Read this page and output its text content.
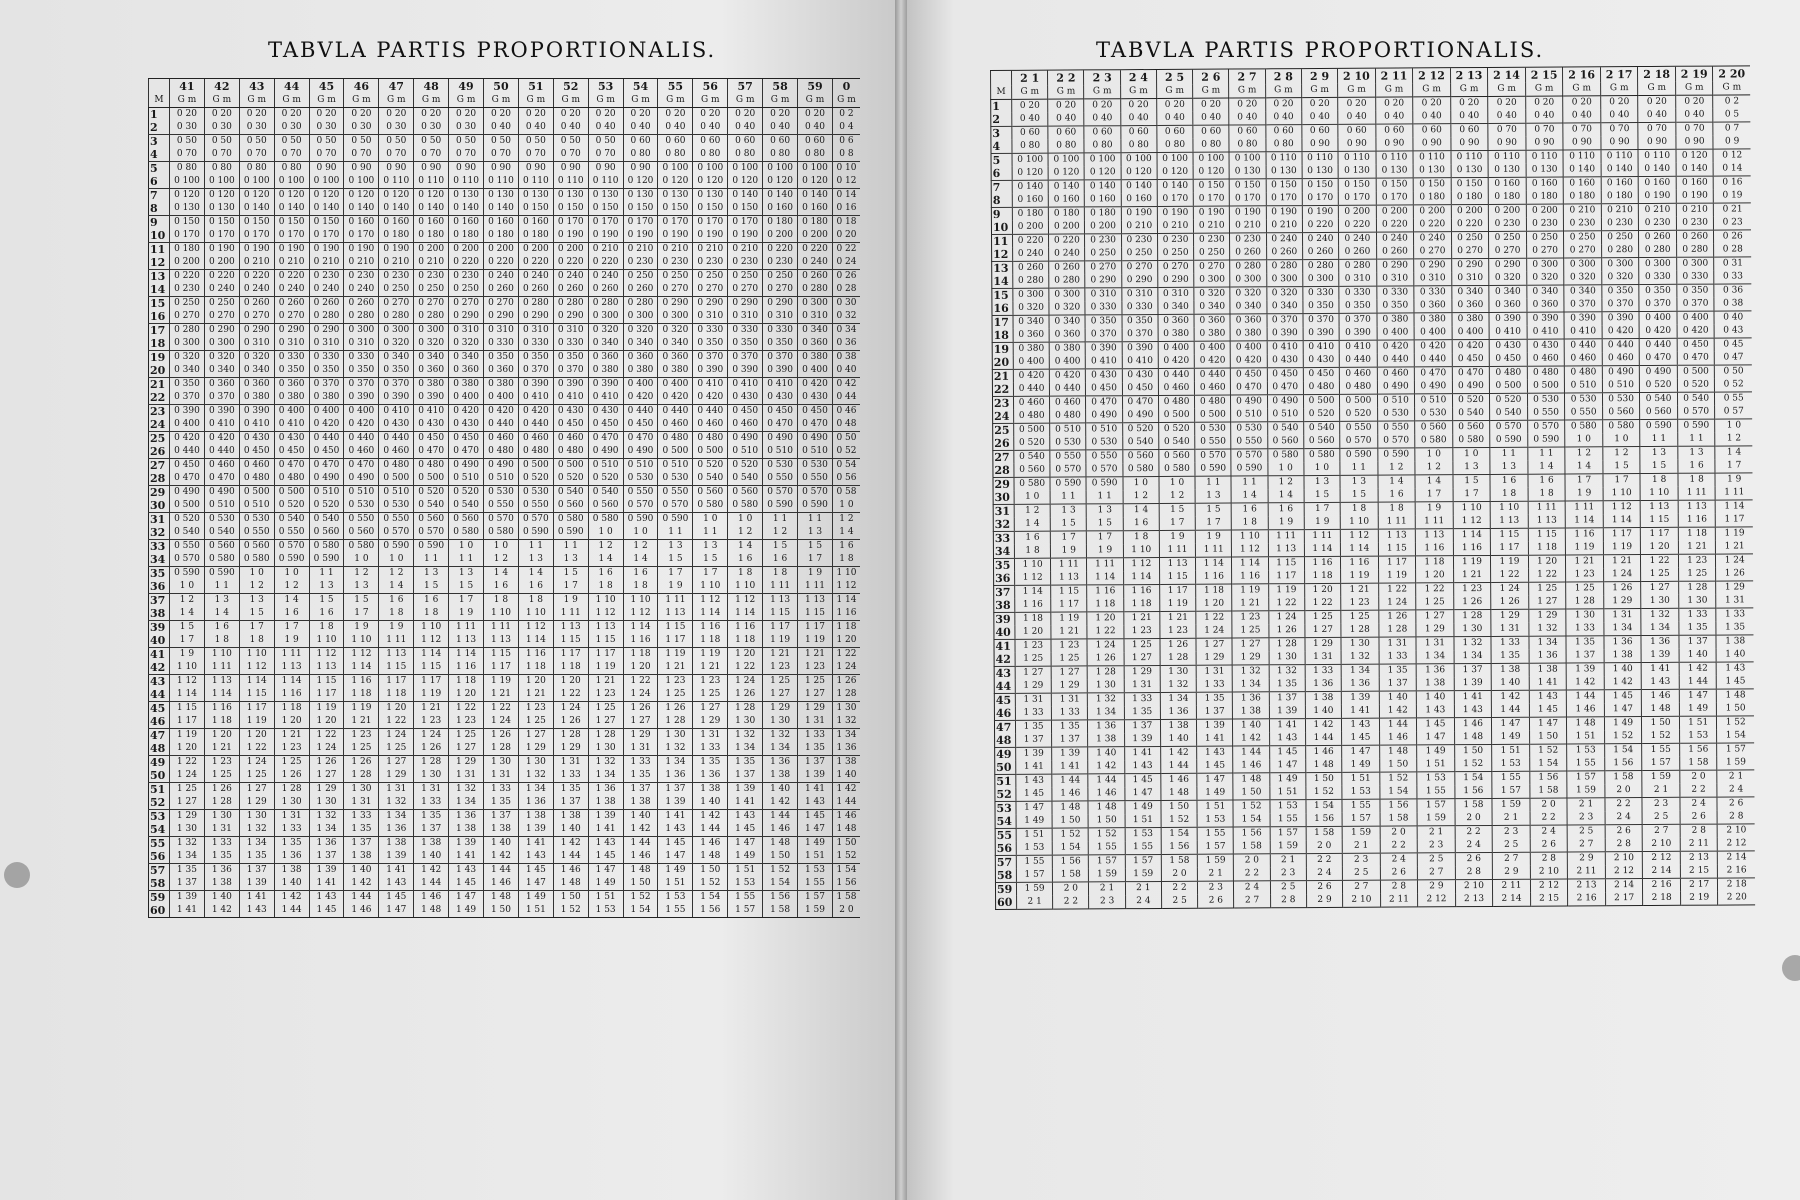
TABVLA PARTIS PROPORTIONALIS.
	41	42	43	44	45	46	47	48	49	50	51	52	53	54	55	56	57	58	59	0
M	G m	G m	G m	G m	G m	G m	G m	G m	G m	G m	G m	G m	G m	G m	G m	G m	G m	G m	G m	G m
1	0 20	0 20	0 20	0 20	0 20	0 20	0 20	0 20	0 20	0 20	0 20	0 20	0 20	0 20	0 20	0 20	0 20	0 20	0 20	0 2
2	0 30	0 30	0 30	0 30	0 30	0 30	0 30	0 30	0 30	0 40	0 40	0 40	0 40	0 40	0 40	0 40	0 40	0 40	0 40	0 4
3	0 50	0 50	0 50	0 50	0 50	0 50	0 50	0 50	0 50	0 50	0 50	0 50	0 50	0 60	0 60	0 60	0 60	0 60	0 60	0 6
4	0 70	0 70	0 70	0 70	0 70	0 70	0 70	0 70	0 70	0 70	0 70	0 70	0 70	0 80	0 80	0 80	0 80	0 80	0 80	0 8
5	0 80	0 80	0 80	0 80	0 90	0 90	0 90	0 90	0 90	0 90	0 90	0 90	0 90	0 90	0 100	0 100	0 100	0 100	0 100	0 10
6	0 100	0 100	0 100	0 100	0 100	0 100	0 110	0 110	0 110	0 110	0 110	0 110	0 110	0 120	0 120	0 120	0 120	0 120	0 120	0 12
7	0 120	0 120	0 120	0 120	0 120	0 120	0 120	0 120	0 130	0 130	0 130	0 130	0 130	0 130	0 130	0 130	0 140	0 140	0 140	0 14
8	0 130	0 130	0 140	0 140	0 140	0 140	0 140	0 140	0 140	0 140	0 150	0 150	0 150	0 150	0 150	0 150	0 150	0 160	0 160	0 16
9	0 150	0 150	0 150	0 150	0 150	0 160	0 160	0 160	0 160	0 160	0 160	0 170	0 170	0 170	0 170	0 170	0 170	0 180	0 180	0 18
10	0 170	0 170	0 170	0 170	0 170	0 170	0 180	0 180	0 180	0 180	0 180	0 190	0 190	0 190	0 190	0 190	0 190	0 200	0 200	0 20
11	0 180	0 190	0 190	0 190	0 190	0 190	0 190	0 200	0 200	0 200	0 200	0 200	0 210	0 210	0 210	0 210	0 210	0 220	0 220	0 22
12	0 200	0 200	0 210	0 210	0 210	0 210	0 210	0 210	0 220	0 220	0 220	0 220	0 220	0 230	0 230	0 230	0 230	0 230	0 240	0 24
13	0 220	0 220	0 220	0 220	0 230	0 230	0 230	0 230	0 230	0 240	0 240	0 240	0 240	0 250	0 250	0 250	0 250	0 250	0 260	0 26
14	0 230	0 240	0 240	0 240	0 240	0 240	0 250	0 250	0 250	0 260	0 260	0 260	0 260	0 260	0 270	0 270	0 270	0 270	0 280	0 28
15	0 250	0 250	0 260	0 260	0 260	0 260	0 270	0 270	0 270	0 270	0 280	0 280	0 280	0 280	0 290	0 290	0 290	0 290	0 300	0 30
16	0 270	0 270	0 270	0 270	0 280	0 280	0 280	0 280	0 290	0 290	0 290	0 290	0 300	0 300	0 300	0 310	0 310	0 310	0 310	0 32
17	0 280	0 290	0 290	0 290	0 290	0 300	0 300	0 300	0 310	0 310	0 310	0 310	0 320	0 320	0 320	0 330	0 330	0 330	0 340	0 34
18	0 300	0 300	0 310	0 310	0 310	0 310	0 320	0 320	0 320	0 330	0 330	0 330	0 340	0 340	0 340	0 350	0 350	0 350	0 360	0 36
19	0 320	0 320	0 320	0 330	0 330	0 330	0 340	0 340	0 340	0 350	0 350	0 350	0 360	0 360	0 360	0 370	0 370	0 370	0 380	0 38
20	0 340	0 340	0 340	0 350	0 350	0 350	0 350	0 360	0 360	0 360	0 370	0 370	0 380	0 380	0 380	0 390	0 390	0 390	0 400	0 40
21	0 350	0 360	0 360	0 360	0 370	0 370	0 370	0 380	0 380	0 380	0 390	0 390	0 390	0 400	0 400	0 410	0 410	0 410	0 420	0 42
22	0 370	0 370	0 380	0 380	0 380	0 390	0 390	0 390	0 400	0 400	0 410	0 410	0 410	0 420	0 420	0 420	0 430	0 430	0 430	0 44
23	0 390	0 390	0 390	0 400	0 400	0 400	0 410	0 410	0 420	0 420	0 420	0 430	0 430	0 440	0 440	0 440	0 450	0 450	0 450	0 46
24	0 400	0 410	0 410	0 410	0 420	0 420	0 430	0 430	0 430	0 440	0 440	0 450	0 450	0 450	0 460	0 460	0 460	0 470	0 470	0 48
25	0 420	0 420	0 430	0 430	0 440	0 440	0 440	0 450	0 450	0 460	0 460	0 460	0 470	0 470	0 480	0 480	0 490	0 490	0 490	0 50
26	0 440	0 440	0 450	0 450	0 450	0 460	0 460	0 470	0 470	0 480	0 480	0 480	0 490	0 490	0 500	0 500	0 510	0 510	0 510	0 52
27	0 450	0 460	0 460	0 470	0 470	0 470	0 480	0 480	0 490	0 490	0 500	0 500	0 510	0 510	0 510	0 520	0 520	0 530	0 530	0 54
28	0 470	0 470	0 480	0 480	0 490	0 490	0 500	0 500	0 510	0 510	0 520	0 520	0 520	0 530	0 530	0 540	0 540	0 550	0 550	0 56
29	0 490	0 490	0 500	0 500	0 510	0 510	0 510	0 520	0 520	0 530	0 530	0 540	0 540	0 550	0 550	0 560	0 560	0 570	0 570	0 58
30	0 500	0 510	0 510	0 520	0 520	0 530	0 530	0 540	0 540	0 550	0 550	0 560	0 560	0 570	0 570	0 580	0 580	0 590	0 590	1 0
31	0 520	0 530	0 530	0 540	0 540	0 550	0 550	0 560	0 560	0 570	0 570	0 580	0 580	0 590	0 590	1 0	1 0	1 1	1 1	1 2
32	0 540	0 540	0 550	0 550	0 560	0 560	0 570	0 570	0 580	0 580	0 590	0 590	1 0	1 0	1 1	1 1	1 2	1 2	1 3	1 4
33	0 550	0 560	0 560	0 570	0 580	0 580	0 590	0 590	1 0	1 0	1 1	1 1	1 2	1 2	1 3	1 3	1 4	1 5	1 5	1 6
34	0 570	0 580	0 580	0 590	0 590	1 0	1 0	1 1	1 1	1 2	1 3	1 3	1 4	1 4	1 5	1 5	1 6	1 6	1 7	1 8
35	0 590	0 590	1 0	1 0	1 1	1 2	1 2	1 3	1 3	1 4	1 4	1 5	1 6	1 6	1 7	1 7	1 8	1 8	1 9	1 10
36	1 0	1 1	1 2	1 2	1 3	1 3	1 4	1 5	1 5	1 6	1 6	1 7	1 8	1 8	1 9	1 10	1 10	1 11	1 11	1 12
37	1 2	1 3	1 3	1 4	1 5	1 5	1 6	1 6	1 7	1 8	1 8	1 9	1 10	1 10	1 11	1 12	1 12	1 13	1 13	1 14
38	1 4	1 4	1 5	1 6	1 6	1 7	1 8	1 8	1 9	1 10	1 10	1 11	1 12	1 12	1 13	1 14	1 14	1 15	1 15	1 16
39	1 5	1 6	1 7	1 7	1 8	1 9	1 9	1 10	1 11	1 11	1 12	1 13	1 13	1 14	1 15	1 16	1 16	1 17	1 17	1 18
40	1 7	1 8	1 8	1 9	1 10	1 10	1 11	1 12	1 13	1 13	1 14	1 15	1 15	1 16	1 17	1 18	1 18	1 19	1 19	1 20
41	1 9	1 10	1 10	1 11	1 12	1 12	1 13	1 14	1 14	1 15	1 16	1 17	1 17	1 18	1 19	1 19	1 20	1 21	1 21	1 22
42	1 10	1 11	1 12	1 13	1 13	1 14	1 15	1 15	1 16	1 17	1 18	1 18	1 19	1 20	1 21	1 21	1 22	1 23	1 23	1 24
43	1 12	1 13	1 14	1 14	1 15	1 16	1 17	1 17	1 18	1 19	1 20	1 20	1 21	1 22	1 23	1 23	1 24	1 25	1 25	1 26
44	1 14	1 14	1 15	1 16	1 17	1 18	1 18	1 19	1 20	1 21	1 21	1 22	1 23	1 24	1 25	1 25	1 26	1 27	1 27	1 28
45	1 15	1 16	1 17	1 18	1 19	1 19	1 20	1 21	1 22	1 22	1 23	1 24	1 25	1 26	1 26	1 27	1 28	1 29	1 29	1 30
46	1 17	1 18	1 19	1 20	1 20	1 21	1 22	1 23	1 23	1 24	1 25	1 26	1 27	1 27	1 28	1 29	1 30	1 30	1 31	1 32
47	1 19	1 20	1 20	1 21	1 22	1 23	1 24	1 24	1 25	1 26	1 27	1 28	1 28	1 29	1 30	1 31	1 32	1 32	1 33	1 34
48	1 20	1 21	1 22	1 23	1 24	1 25	1 25	1 26	1 27	1 28	1 29	1 29	1 30	1 31	1 32	1 33	1 34	1 34	1 35	1 36
49	1 22	1 23	1 24	1 25	1 26	1 26	1 27	1 28	1 29	1 30	1 30	1 31	1 32	1 33	1 34	1 35	1 35	1 36	1 37	1 38
50	1 24	1 25	1 25	1 26	1 27	1 28	1 29	1 30	1 31	1 31	1 32	1 33	1 34	1 35	1 36	1 36	1 37	1 38	1 39	1 40
51	1 25	1 26	1 27	1 28	1 29	1 30	1 31	1 31	1 32	1 33	1 34	1 35	1 36	1 37	1 37	1 38	1 39	1 40	1 41	1 42
52	1 27	1 28	1 29	1 30	1 30	1 31	1 32	1 33	1 34	1 35	1 36	1 37	1 38	1 38	1 39	1 40	1 41	1 42	1 43	1 44
53	1 29	1 30	1 30	1 31	1 32	1 33	1 34	1 35	1 36	1 37	1 38	1 38	1 39	1 40	1 41	1 42	1 43	1 44	1 45	1 46
54	1 30	1 31	1 32	1 33	1 34	1 35	1 36	1 37	1 38	1 38	1 39	1 40	1 41	1 42	1 43	1 44	1 45	1 46	1 47	1 48
55	1 32	1 33	1 34	1 35	1 36	1 37	1 38	1 38	1 39	1 40	1 41	1 42	1 43	1 44	1 45	1 46	1 47	1 48	1 49	1 50
56	1 34	1 35	1 35	1 36	1 37	1 38	1 39	1 40	1 41	1 42	1 43	1 44	1 45	1 46	1 47	1 48	1 49	1 50	1 51	1 52
57	1 35	1 36	1 37	1 38	1 39	1 40	1 41	1 42	1 43	1 44	1 45	1 46	1 47	1 48	1 49	1 50	1 51	1 52	1 53	1 54
58	1 37	1 38	1 39	1 40	1 41	1 42	1 43	1 44	1 45	1 46	1 47	1 48	1 49	1 50	1 51	1 52	1 53	1 54	1 55	1 56
59	1 39	1 40	1 41	1 42	1 43	1 44	1 45	1 46	1 47	1 48	1 49	1 50	1 51	1 52	1 53	1 54	1 55	1 56	1 57	1 58
60	1 41	1 42	1 43	1 44	1 45	1 46	1 47	1 48	1 49	1 50	1 51	1 52	1 53	1 54	1 55	1 56	1 57	1 58	1 59	2 0
TABVLA PARTIS PROPORTIONALIS.
	2 1	2 2	2 3	2 4	2 5	2 6	2 7	2 8	2 9	2 10	2 11	2 12	2 13	2 14	2 15	2 16	2 17	2 18	2 19	2 20
M	G m	G m	G m	G m	G m	G m	G m	G m	G m	G m	G m	G m	G m	G m	G m	G m	G m	G m	G m	G m
1	0 20	0 20	0 20	0 20	0 20	0 20	0 20	0 20	0 20	0 20	0 20	0 20	0 20	0 20	0 20	0 20	0 20	0 20	0 20	0 2
2	0 40	0 40	0 40	0 40	0 40	0 40	0 40	0 40	0 40	0 40	0 40	0 40	0 40	0 40	0 40	0 40	0 40	0 40	0 40	0 5
3	0 60	0 60	0 60	0 60	0 60	0 60	0 60	0 60	0 60	0 60	0 60	0 60	0 60	0 70	0 70	0 70	0 70	0 70	0 70	0 7
4	0 80	0 80	0 80	0 80	0 80	0 80	0 80	0 80	0 90	0 90	0 90	0 90	0 90	0 90	0 90	0 90	0 90	0 90	0 90	0 9
5	0 100	0 100	0 100	0 100	0 100	0 100	0 100	0 110	0 110	0 110	0 110	0 110	0 110	0 110	0 110	0 110	0 110	0 110	0 120	0 12
6	0 120	0 120	0 120	0 120	0 120	0 120	0 130	0 130	0 130	0 130	0 130	0 130	0 130	0 130	0 130	0 140	0 140	0 140	0 140	0 14
7	0 140	0 140	0 140	0 140	0 140	0 150	0 150	0 150	0 150	0 150	0 150	0 150	0 150	0 160	0 160	0 160	0 160	0 160	0 160	0 16
8	0 160	0 160	0 160	0 160	0 170	0 170	0 170	0 170	0 170	0 170	0 170	0 180	0 180	0 180	0 180	0 180	0 180	0 190	0 190	0 19
9	0 180	0 180	0 180	0 190	0 190	0 190	0 190	0 190	0 190	0 200	0 200	0 200	0 200	0 200	0 200	0 210	0 210	0 210	0 210	0 21
10	0 200	0 200	0 200	0 210	0 210	0 210	0 210	0 210	0 220	0 220	0 220	0 220	0 220	0 230	0 230	0 230	0 230	0 230	0 230	0 23
11	0 220	0 220	0 230	0 230	0 230	0 230	0 230	0 240	0 240	0 240	0 240	0 240	0 250	0 250	0 250	0 250	0 250	0 260	0 260	0 26
12	0 240	0 240	0 250	0 250	0 250	0 250	0 260	0 260	0 260	0 260	0 260	0 270	0 270	0 270	0 270	0 270	0 280	0 280	0 280	0 28
13	0 260	0 260	0 270	0 270	0 270	0 270	0 280	0 280	0 280	0 280	0 290	0 290	0 290	0 290	0 300	0 300	0 300	0 300	0 300	0 31
14	0 280	0 280	0 290	0 290	0 290	0 300	0 300	0 300	0 300	0 310	0 310	0 310	0 310	0 320	0 320	0 320	0 320	0 330	0 330	0 33
15	0 300	0 300	0 310	0 310	0 310	0 320	0 320	0 320	0 330	0 330	0 330	0 330	0 340	0 340	0 340	0 340	0 350	0 350	0 350	0 36
16	0 320	0 320	0 330	0 330	0 340	0 340	0 340	0 340	0 350	0 350	0 350	0 360	0 360	0 360	0 360	0 370	0 370	0 370	0 370	0 38
17	0 340	0 340	0 350	0 350	0 360	0 360	0 360	0 370	0 370	0 370	0 380	0 380	0 380	0 390	0 390	0 390	0 390	0 400	0 400	0 40
18	0 360	0 360	0 370	0 370	0 380	0 380	0 380	0 390	0 390	0 390	0 400	0 400	0 400	0 410	0 410	0 410	0 420	0 420	0 420	0 43
19	0 380	0 380	0 390	0 390	0 400	0 400	0 400	0 410	0 410	0 410	0 420	0 420	0 420	0 430	0 430	0 440	0 440	0 440	0 450	0 45
20	0 400	0 400	0 410	0 410	0 420	0 420	0 420	0 430	0 430	0 440	0 440	0 440	0 450	0 450	0 460	0 460	0 460	0 470	0 470	0 47
21	0 420	0 420	0 430	0 430	0 440	0 440	0 450	0 450	0 450	0 460	0 460	0 470	0 470	0 480	0 480	0 480	0 490	0 490	0 500	0 50
22	0 440	0 440	0 450	0 450	0 460	0 460	0 470	0 470	0 480	0 480	0 490	0 490	0 490	0 500	0 500	0 510	0 510	0 520	0 520	0 52
23	0 460	0 460	0 470	0 470	0 480	0 480	0 490	0 490	0 500	0 500	0 510	0 510	0 520	0 520	0 530	0 530	0 530	0 540	0 540	0 55
24	0 480	0 480	0 490	0 490	0 500	0 500	0 510	0 510	0 520	0 520	0 530	0 530	0 540	0 540	0 550	0 550	0 560	0 560	0 570	0 57
25	0 500	0 510	0 510	0 520	0 520	0 530	0 530	0 540	0 540	0 550	0 550	0 560	0 560	0 570	0 570	0 580	0 580	0 590	0 590	1 0
26	0 520	0 530	0 530	0 540	0 540	0 550	0 550	0 560	0 560	0 570	0 570	0 580	0 580	0 590	0 590	1 0	1 0	1 1	1 1	1 2
27	0 540	0 550	0 550	0 560	0 560	0 570	0 570	0 580	0 580	0 590	0 590	1 0	1 0	1 1	1 1	1 2	1 2	1 3	1 3	1 4
28	0 560	0 570	0 570	0 580	0 580	0 590	0 590	1 0	1 0	1 1	1 2	1 2	1 3	1 3	1 4	1 4	1 5	1 5	1 6	1 7
29	0 580	0 590	0 590	1 0	1 0	1 1	1 1	1 2	1 3	1 3	1 4	1 4	1 5	1 6	1 6	1 7	1 7	1 8	1 8	1 9
30	1 0	1 1	1 1	1 2	1 2	1 3	1 4	1 4	1 5	1 5	1 6	1 7	1 7	1 8	1 8	1 9	1 10	1 10	1 11	1 11
31	1 2	1 3	1 3	1 4	1 5	1 5	1 6	1 6	1 7	1 8	1 8	1 9	1 10	1 10	1 11	1 11	1 12	1 13	1 13	1 14
32	1 4	1 5	1 5	1 6	1 7	1 7	1 8	1 9	1 9	1 10	1 11	1 11	1 12	1 13	1 13	1 14	1 14	1 15	1 16	1 17
33	1 6	1 7	1 7	1 8	1 9	1 9	1 10	1 11	1 11	1 12	1 13	1 13	1 14	1 15	1 15	1 16	1 17	1 17	1 18	1 19
34	1 8	1 9	1 9	1 10	1 11	1 11	1 12	1 13	1 14	1 14	1 15	1 16	1 16	1 17	1 18	1 19	1 19	1 20	1 21	1 21
35	1 10	1 11	1 11	1 12	1 13	1 14	1 14	1 15	1 16	1 16	1 17	1 18	1 19	1 19	1 20	1 21	1 21	1 22	1 23	1 24
36	1 12	1 13	1 14	1 14	1 15	1 16	1 16	1 17	1 18	1 19	1 19	1 20	1 21	1 22	1 22	1 23	1 24	1 25	1 25	1 26
37	1 14	1 15	1 16	1 16	1 17	1 18	1 19	1 19	1 20	1 21	1 22	1 22	1 23	1 24	1 25	1 25	1 26	1 27	1 28	1 29
38	1 16	1 17	1 18	1 18	1 19	1 20	1 21	1 22	1 22	1 23	1 24	1 25	1 26	1 26	1 27	1 28	1 29	1 30	1 30	1 31
39	1 18	1 19	1 20	1 21	1 21	1 22	1 23	1 24	1 25	1 25	1 26	1 27	1 28	1 29	1 29	1 30	1 31	1 32	1 33	1 33
40	1 20	1 21	1 22	1 23	1 23	1 24	1 25	1 26	1 27	1 28	1 28	1 29	1 30	1 31	1 32	1 33	1 34	1 34	1 35	1 35
41	1 23	1 23	1 24	1 25	1 26	1 27	1 27	1 28	1 29	1 30	1 31	1 31	1 32	1 33	1 34	1 35	1 36	1 36	1 37	1 38
42	1 25	1 25	1 26	1 27	1 28	1 29	1 29	1 30	1 31	1 32	1 33	1 34	1 34	1 35	1 36	1 37	1 38	1 39	1 40	1 40
43	1 27	1 27	1 28	1 29	1 30	1 31	1 32	1 32	1 33	1 34	1 35	1 36	1 37	1 38	1 38	1 39	1 40	1 41	1 42	1 43
44	1 29	1 29	1 30	1 31	1 32	1 33	1 34	1 35	1 36	1 36	1 37	1 38	1 39	1 40	1 41	1 42	1 42	1 43	1 44	1 45
45	1 31	1 31	1 32	1 33	1 34	1 35	1 36	1 37	1 38	1 39	1 40	1 40	1 41	1 42	1 43	1 44	1 45	1 46	1 47	1 48
46	1 33	1 33	1 34	1 35	1 36	1 37	1 38	1 39	1 40	1 41	1 42	1 43	1 43	1 44	1 45	1 46	1 47	1 48	1 49	1 50
47	1 35	1 35	1 36	1 37	1 38	1 39	1 40	1 41	1 42	1 43	1 44	1 45	1 46	1 47	1 47	1 48	1 49	1 50	1 51	1 52
48	1 37	1 37	1 38	1 39	1 40	1 41	1 42	1 43	1 44	1 45	1 46	1 47	1 48	1 49	1 50	1 51	1 52	1 52	1 53	1 54
49	1 39	1 39	1 40	1 41	1 42	1 43	1 44	1 45	1 46	1 47	1 48	1 49	1 50	1 51	1 52	1 53	1 54	1 55	1 56	1 57
50	1 41	1 41	1 42	1 43	1 44	1 45	1 46	1 47	1 48	1 49	1 50	1 51	1 52	1 53	1 54	1 55	1 56	1 57	1 58	1 59
51	1 43	1 44	1 44	1 45	1 46	1 47	1 48	1 49	1 50	1 51	1 52	1 53	1 54	1 55	1 56	1 57	1 58	1 59	2 0	2 1
52	1 45	1 46	1 46	1 47	1 48	1 49	1 50	1 51	1 52	1 53	1 54	1 55	1 56	1 57	1 58	1 59	2 0	2 1	2 2	2 4
53	1 47	1 48	1 48	1 49	1 50	1 51	1 52	1 53	1 54	1 55	1 56	1 57	1 58	1 59	2 0	2 1	2 2	2 3	2 4	2 6
54	1 49	1 50	1 50	1 51	1 52	1 53	1 54	1 55	1 56	1 57	1 58	1 59	2 0	2 1	2 2	2 3	2 4	2 5	2 6	2 8
55	1 51	1 52	1 52	1 53	1 54	1 55	1 56	1 57	1 58	1 59	2 0	2 1	2 2	2 3	2 4	2 5	2 6	2 7	2 8	2 10
56	1 53	1 54	1 55	1 55	1 56	1 57	1 58	1 59	2 0	2 1	2 2	2 3	2 4	2 5	2 6	2 7	2 8	2 10	2 11	2 12
57	1 55	1 56	1 57	1 57	1 58	1 59	2 0	2 1	2 2	2 3	2 4	2 5	2 6	2 7	2 8	2 9	2 10	2 12	2 13	2 14
58	1 57	1 58	1 59	1 59	2 0	2 1	2 2	2 3	2 4	2 5	2 6	2 7	2 8	2 9	2 10	2 11	2 12	2 14	2 15	2 16
59	1 59	2 0	2 1	2 1	2 2	2 3	2 4	2 5	2 6	2 7	2 8	2 9	2 10	2 11	2 12	2 13	2 14	2 16	2 17	2 18
60	2 1	2 2	2 3	2 4	2 5	2 6	2 7	2 8	2 9	2 10	2 11	2 12	2 13	2 14	2 15	2 16	2 17	2 18	2 19	2 20
